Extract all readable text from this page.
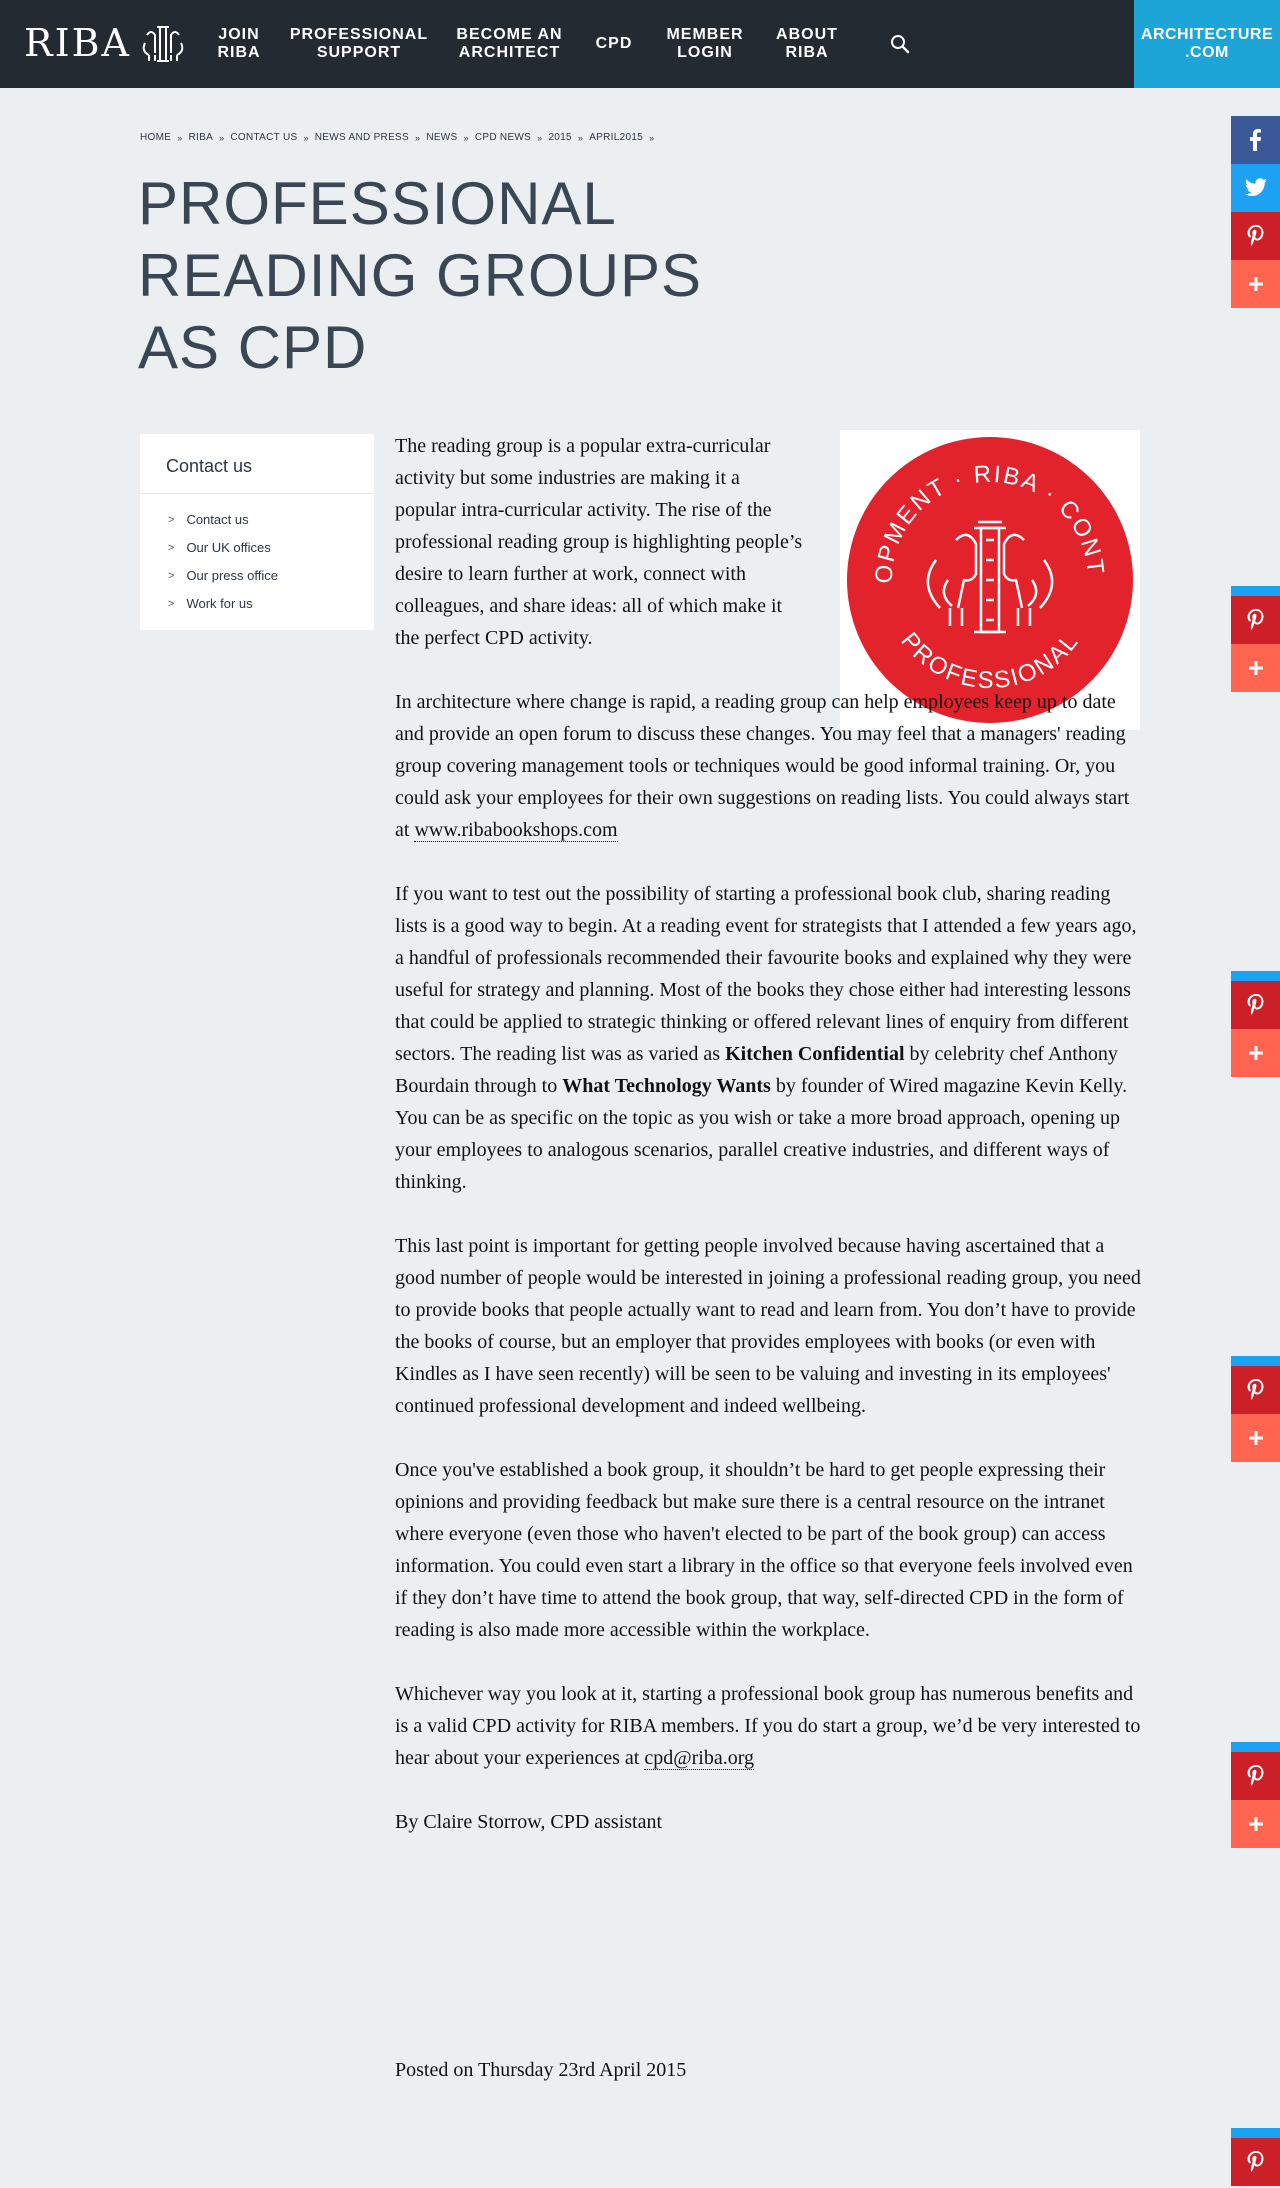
RIBA	JOIN
RIBA
PROFESSIONAL
SUPPORT
BECOME AN
ARCHITECT
CPD
MEMBER
LOGIN
ABOUT
RIBA
ARCHITECTURE
.COM
HOME » RIBA » CONTACT US » NEWS AND PRESS » NEWS » CPD NEWS » 2015 » APRIL2015 »
PROFESSIONAL READING GROUPS AS CPD
Contact us
> Contact us
> Our UK offices
> Our press office
> Work for us
OPMENT · RIBA · CONT
PROFESSIONAL

The reading group is a popular extra-curricular activity but some industries are making it a popular intra-curricular activity. The rise of the professional reading group is highlighting people’s desire to learn further at work, connect with colleagues, and share ideas: all of which make it the perfect CPD activity.

In architecture where change is rapid, a reading group can help employees keep up to date and provide an open forum to discuss these changes. You may feel that a managers' reading group covering management tools or techniques would be good informal training. Or, you could ask your employees for their own suggestions on reading lists. You could always start at www.ribabookshops.com

If you want to test out the possibility of starting a professional book club, sharing reading lists is a good way to begin. At a reading event for strategists that I attended a few years ago, a handful of professionals recommended their favourite books and explained why they were useful for strategy and planning. Most of the books they chose either had interesting lessons that could be applied to strategic thinking or offered relevant lines of enquiry from different sectors. The reading list was as varied as Kitchen Confidential by celebrity chef Anthony Bourdain through to What Technology Wants by founder of Wired magazine Kevin Kelly. You can be as specific on the topic as you wish or take a more broad approach, opening up your employees to analogous scenarios, parallel creative industries, and different ways of thinking.

This last point is important for getting people involved because having ascertained that a good number of people would be interested in joining a professional reading group, you need to provide books that people actually want to read and learn from. You don’t have to provide the books of course, but an employer that provides employees with books (or even with Kindles as I have seen recently) will be seen to be valuing and investing in its employees' continued professional development and indeed wellbeing.

Once you've established a book group, it shouldn’t be hard to get people expressing their opinions and providing feedback but make sure there is a central resource on the intranet where everyone (even those who haven't elected to be part of the book group) can access information. You could even start a library in the office so that everyone feels involved even if they don’t have time to attend the book group, that way, self-directed CPD in the form of reading is also made more accessible within the workplace.

Whichever way you look at it, starting a professional book group has numerous benefits and is a valid CPD activity for RIBA members. If you do start a group, we’d be very interested to hear about your experiences at cpd@riba.org

By Claire Storrow, CPD assistant

Posted on Thursday 23rd April 2015
